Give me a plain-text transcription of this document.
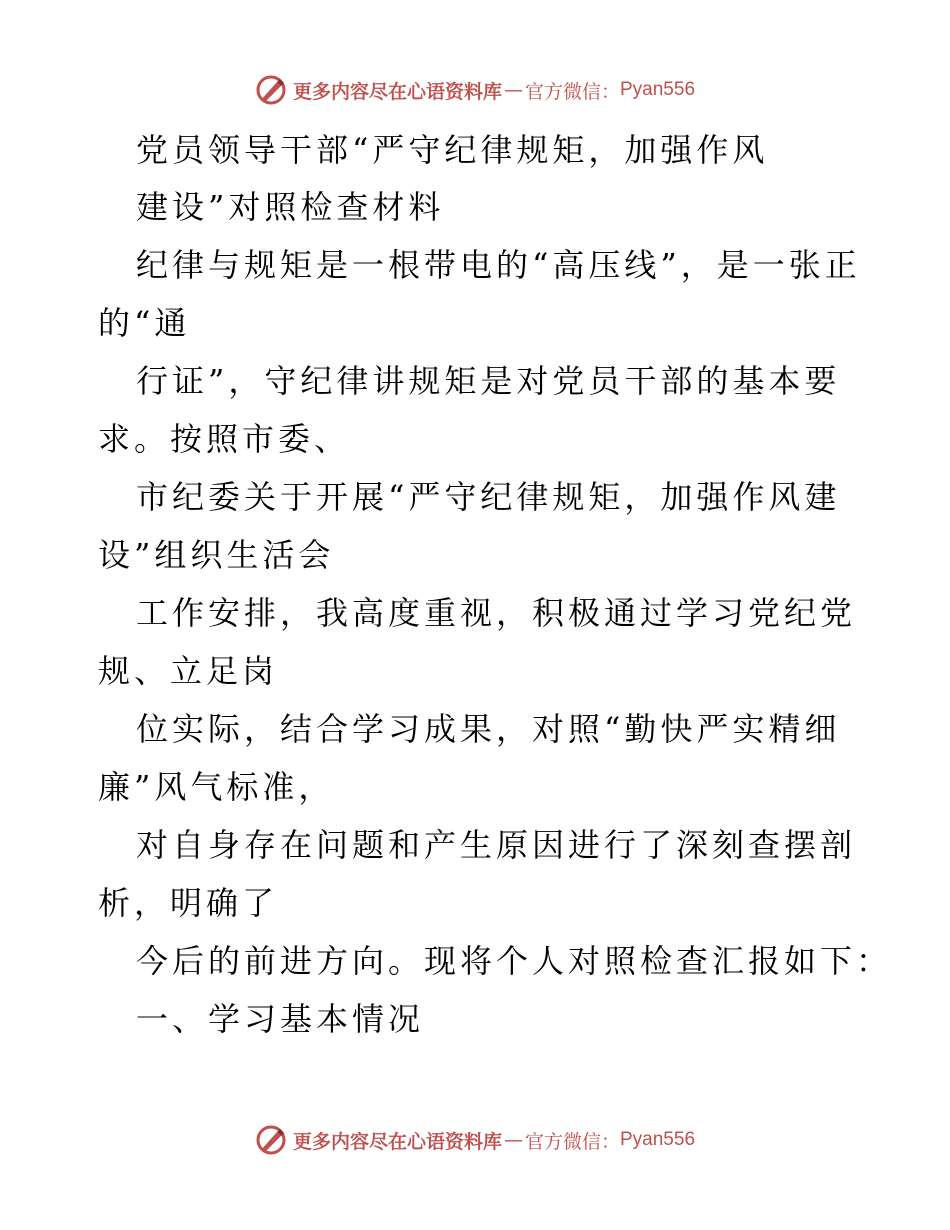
更多内容尽在心语资料库 — 官方微信： Pyan556
党员领导干部“严守纪律规矩，加强作风
建设”对照检查材料
纪律与规矩是一根带电的“高压线”，是一张正
的“通
行证”，守纪律讲规矩是对党员干部的基本要
求。按照市委、
市纪委关于开展“严守纪律规矩，加强作风建
设”组织生活会
工作安排，我高度重视，积极通过学习党纪党
规、立足岗
位实际，结合学习成果，对照“勤快严实精细
廉”风气标准，
对自身存在问题和产生原因进行了深刻查摆剖
析，明确了
今后的前进方向。现将个人对照检查汇报如下：
一、学习基本情况
更多内容尽在心语资料库 — 官方微信： Pyan556
